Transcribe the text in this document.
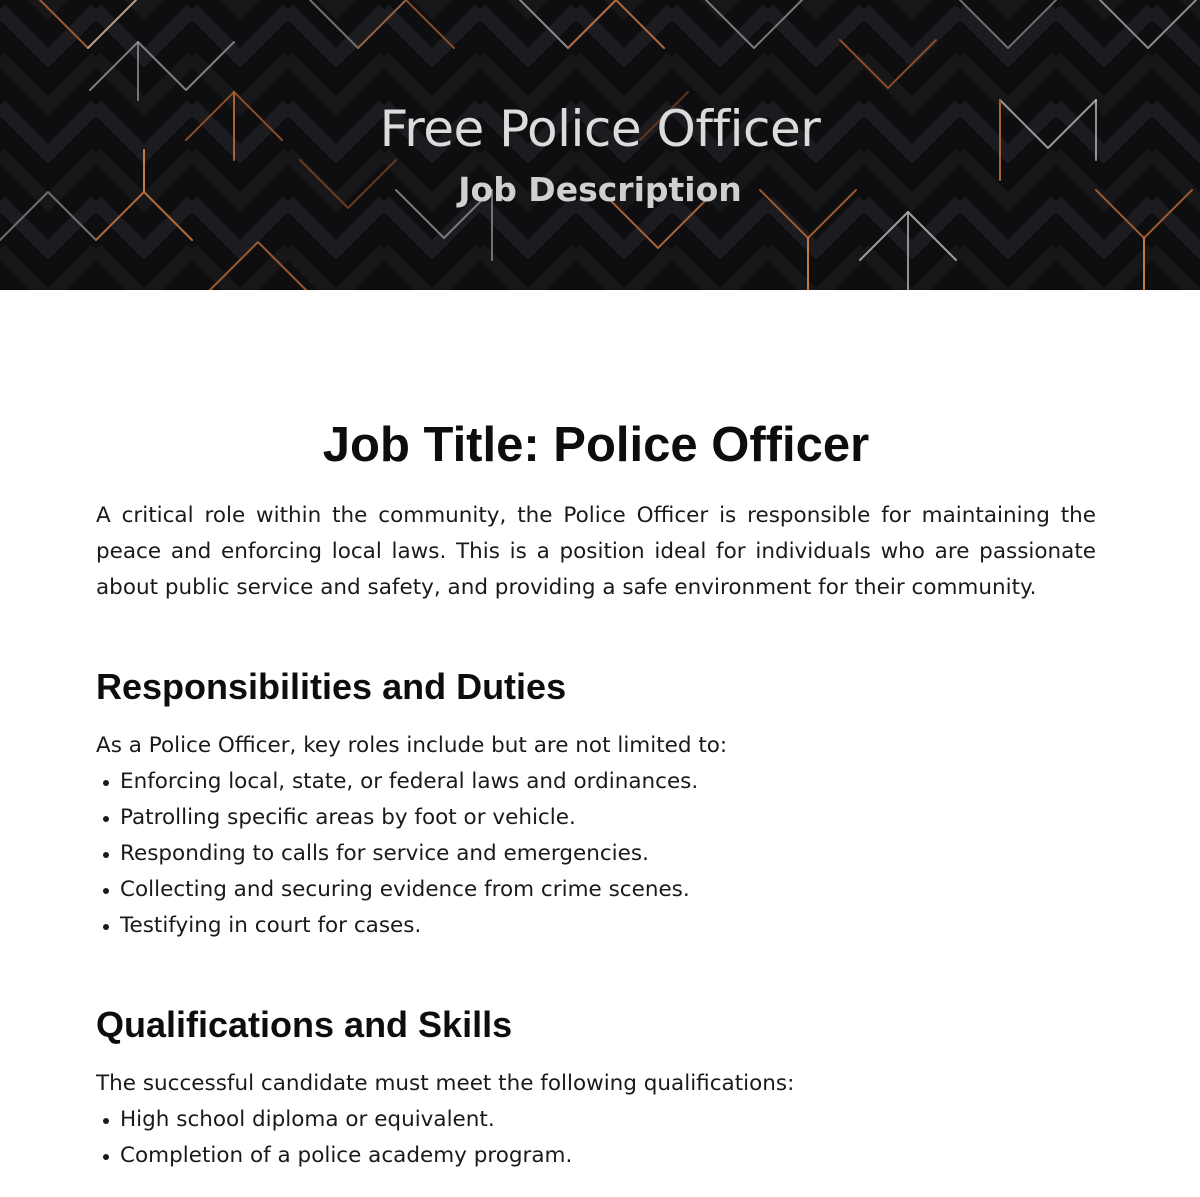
Free Police Officer
Job Description
Job Title: Police Officer

A critical role within the community, the Police Officer is responsible for maintaining the peace and enforcing local laws. This is a position ideal for individuals who are passionate about public service and safety, and providing a safe environment for their community.

Responsibilities and Duties

As a Police Officer, key roles include but are not limited to:

Enforcing local, state, or federal laws and ordinances.
Patrolling specific areas by foot or vehicle.
Responding to calls for service and emergencies.
Collecting and securing evidence from crime scenes.
Testifying in court for cases.
Qualifications and Skills

The successful candidate must meet the following qualifications:

High school diploma or equivalent.
Completion of a police academy program.
